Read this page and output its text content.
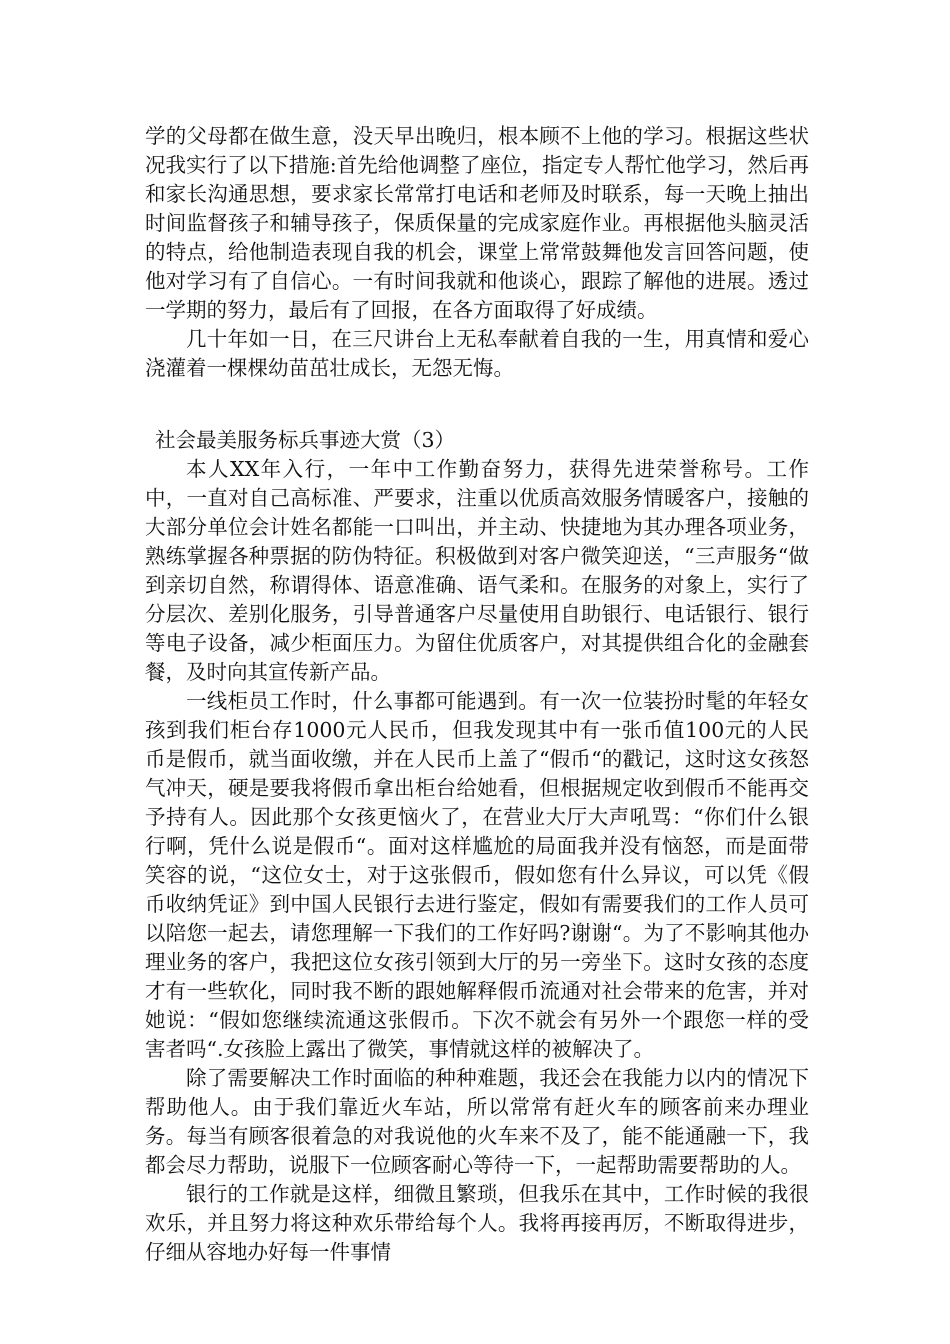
学的父母都在做生意，没天早出晚归，根本顾不上他的学习。根据这些状况我实行了以下措施:首先给他调整了座位，指定专人帮忙他学习，然后再和家长沟通思想，要求家长常常打电话和老师及时联系，每一天晚上抽出时间监督孩子和辅导孩子，保质保量的完成家庭作业。再根据他头脑灵活的特点，给他制造表现自我的机会，课堂上常常鼓舞他发言回答问题，使他对学习有了自信心。一有时间我就和他谈心，跟踪了解他的进展。透过一学期的努力，最后有了回报，在各方面取得了好成绩。

几十年如一日，在三尺讲台上无私奉献着自我的一生，用真情和爱心浇灌着一棵棵幼苗茁壮成长，无怨无悔。

社会最美服务标兵事迹大赏（3）

本人XX年入行，一年中工作勤奋努力，获得先进荣誉称号。工作中，一直对自己高标准、严要求，注重以优质高效服务情暖客户，接触的大部分单位会计姓名都能一口叫出，并主动、快捷地为其办理各项业务，熟练掌握各种票据的防伪特征。积极做到对客户微笑迎送，“三声服务“做到亲切自然，称谓得体、语意准确、语气柔和。在服务的对象上，实行了分层次、差别化服务，引导普通客户尽量使用自助银行、电话银行、银行等电子设备，减少柜面压力。为留住优质客户，对其提供组合化的金融套餐，及时向其宣传新产品。

一线柜员工作时，什么事都可能遇到。有一次一位装扮时髦的年轻女孩到我们柜台存1000元人民币，但我发现其中有一张币值100元的人民币是假币，就当面收缴，并在人民币上盖了“假币“的戳记，这时这女孩怒气冲天，硬是要我将假币拿出柜台给她看，但根据规定收到假币不能再交予持有人。因此那个女孩更恼火了，在营业大厅大声吼骂：“你们什么银行啊，凭什么说是假币“。面对这样尴尬的局面我并没有恼怒，而是面带笑容的说，“这位女士，对于这张假币，假如您有什么异议，可以凭《假币收纳凭证》到中国人民银行去进行鉴定，假如有需要我们的工作人员可以陪您一起去，请您理解一下我们的工作好吗?谢谢“。为了不影响其他办理业务的客户，我把这位女孩引领到大厅的另一旁坐下。这时女孩的态度才有一些软化，同时我不断的跟她解释假币流通对社会带来的危害，并对她说：“假如您继续流通这张假币。下次不就会有另外一个跟您一样的受害者吗“.女孩脸上露出了微笑，事情就这样的被解决了。

除了需要解决工作时面临的种种难题，我还会在我能力以内的情况下帮助他人。由于我们靠近火车站，所以常常有赶火车的顾客前来办理业务。每当有顾客很着急的对我说他的火车来不及了，能不能通融一下，我都会尽力帮助，说服下一位顾客耐心等待一下，一起帮助需要帮助的人。

银行的工作就是这样，细微且繁琐，但我乐在其中，工作时候的我很欢乐，并且努力将这种欢乐带给每个人。我将再接再厉，不断取得进步，仔细从容地办好每一件事情
